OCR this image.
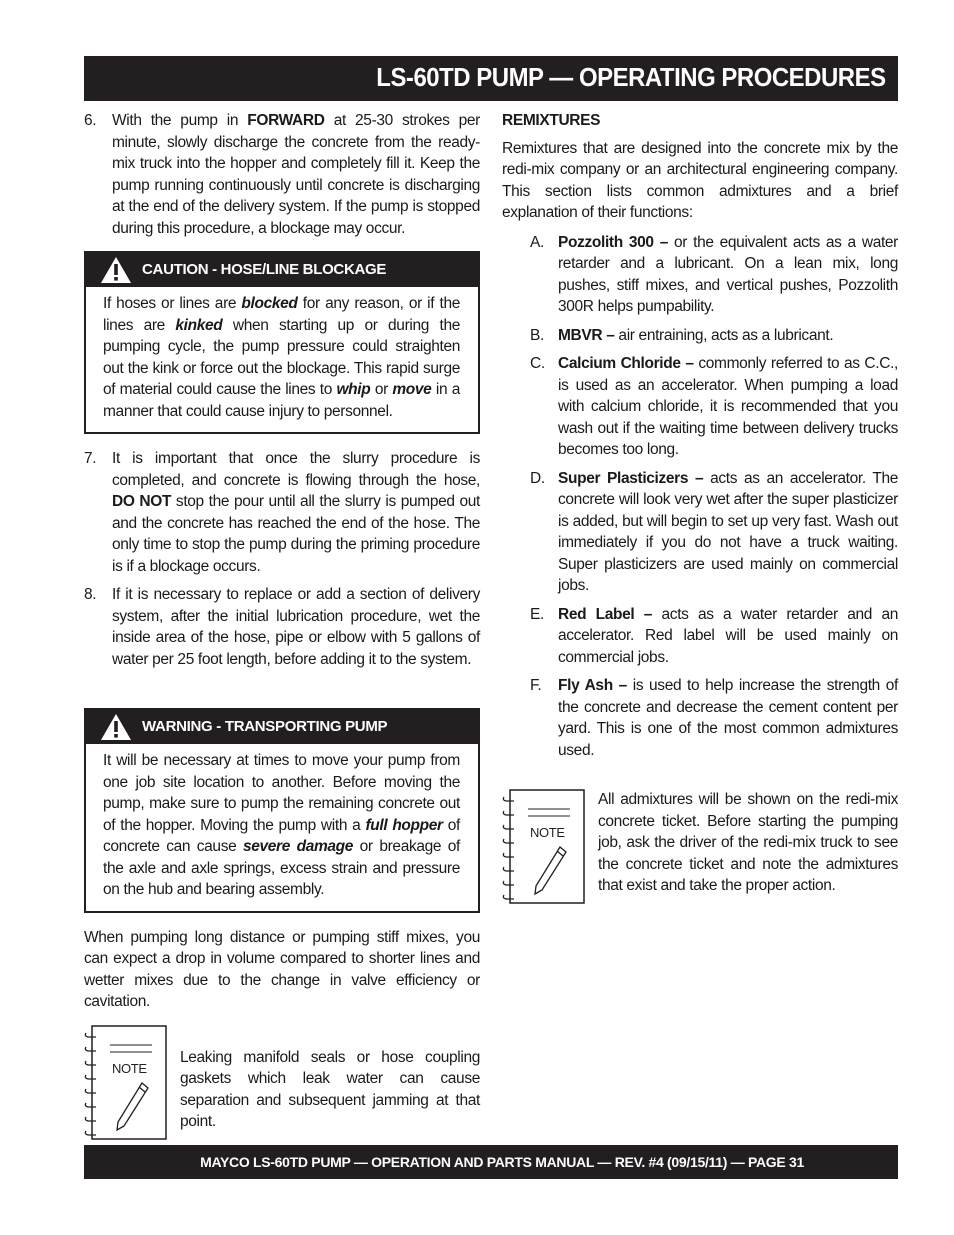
LS-60TD PUMP — OPERATING PROCEDURES
6.	With the pump in FORWARD at 25-30 strokes per minute, slowly discharge the concrete from the ready-mix truck into the hopper and completely fill it. Keep the pump running continuously until concrete is discharging at the end of the delivery system. If the pump is stopped during this procedure, a blockage may occur.
CAUTION - HOSE/LINE BLOCKAGE
If hoses or lines are blocked for any reason, or if the lines are kinked when starting up or during the pumping cycle, the pump pressure could straighten out the kink or force out the blockage. This rapid surge of material could cause the lines to whip or move in a manner that could cause injury to personnel.
7.	It is important that once the slurry procedure is completed, and concrete is flowing through the hose, DO NOT stop the pour until all the slurry is pumped out and the concrete has reached the end of the hose. The only time to stop the pump during the priming procedure is if a blockage occurs.
8.	If it is necessary to replace or add a section of delivery system, after the initial lubrication procedure, wet the inside area of the hose, pipe or elbow with 5 gallons of water per 25 foot length, before adding it to the system.
WARNING - TRANSPORTING PUMP
It will be necessary at times to move your pump from one job site location to another. Before moving the pump, make sure to pump the remaining concrete out of the hopper. Moving the pump with a full hopper of concrete can cause severe damage or breakage of the axle and axle springs, excess strain and pressure on the hub and bearing assembly.
When pumping long distance or pumping stiff mixes, you can expect a drop in volume compared to shorter lines and wetter mixes due to the change in valve efficiency or cavitation.
NOTE
Leaking manifold seals or hose coupling gaskets which leak water can cause separation and subsequent jamming at that point.
REMIXTURES
Remixtures that are designed into the concrete mix by the redi-mix company or an architectural engineering company. This section lists common admixtures and a brief explanation of their functions:
A. Pozzolith 300 – or the equivalent acts as a water retarder and a lubricant. On a lean mix, long pushes, stiff mixes, and vertical pushes, Pozzolith 300R helps pumpability.
B. MBVR – air entraining, acts as a lubricant.
C. Calcium Chloride – commonly referred to as C.C., is used as an accelerator. When pumping a load with calcium chloride, it is recommended that you wash out if the waiting time between delivery trucks becomes too long.
D. Super Plasticizers – acts as an accelerator. The concrete will look very wet after the super plasticizer is added, but will begin to set up very fast. Wash out immediately if you do not have a truck waiting. Super plasticizers are used mainly on commercial jobs.
E. Red Label – acts as a water retarder and an accelerator. Red label will be used mainly on commercial jobs.
F.	Fly Ash – is used to help increase the strength of the concrete and decrease the cement content per yard. This is one of the most common admixtures used.
NOTE
All admixtures will be shown on the redi-mix concrete ticket. Before starting the pumping job, ask the driver of the redi-mix truck to see the concrete ticket and note the admixtures that exist and take the proper action.
MAYCO LS-60TD PUMP — OPERATION AND PARTS MANUAL — REV. #4 (09/15/11) — PAGE 31
